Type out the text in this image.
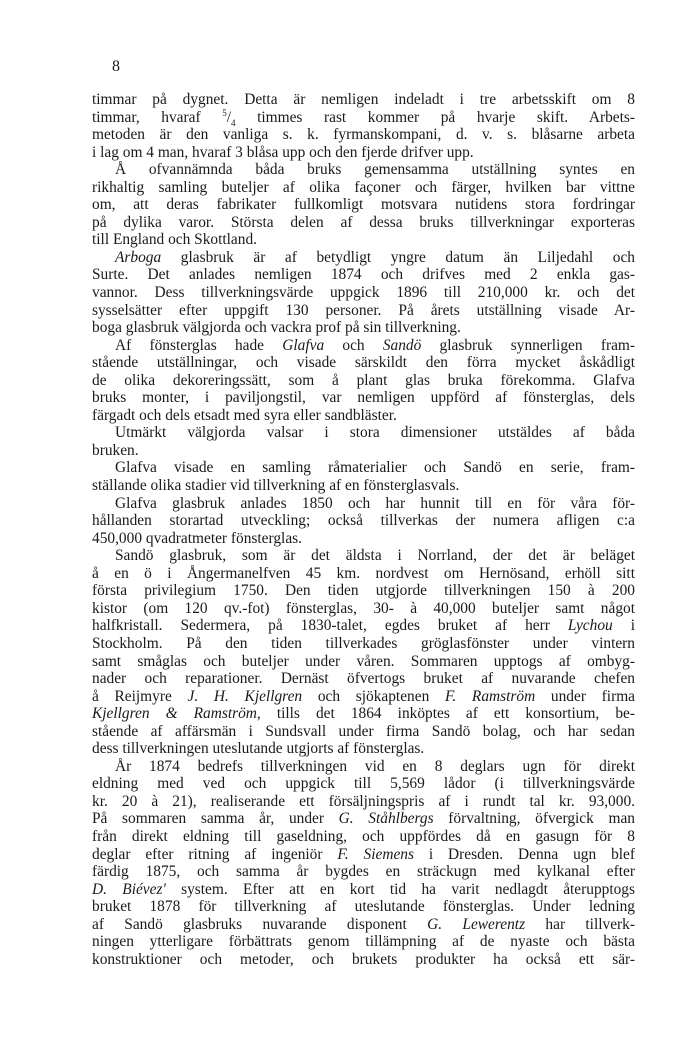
8
timmar på dygnet. Detta är nemligen indeladt i tre arbetsskift om 8
timmar, hvaraf $^5/_4$ timmes rast kommer på hvarje skift. Arbets-
metoden är den vanliga s. k. fyrmanskompani, d. v. s. blåsarne arbeta
i lag om 4 man, hvaraf 3 blåsa upp och den fjerde drifver upp.
Å ofvannämnda båda bruks gemensamma utställning syntes en
rikhaltig samling buteljer af olika façoner och färger, hvilken bar vittne
om, att deras fabrikater fullkomligt motsvara nutidens stora fordringar
på dylika varor. Största delen af dessa bruks tillverkningar exporteras
till England och Skottland.
Arboga glasbruk är af betydligt yngre datum än Liljedahl och
Surte. Det anlades nemligen 1874 och drifves med 2 enkla gas-
vannor. Dess tillverkningsvärde uppgick 1896 till 210,000 kr. och det
sysselsätter efter uppgift 130 personer. På årets utställning visade Ar-
boga glasbruk välgjorda och vackra prof på sin tillverkning.
Af fönsterglas hade Glafva och Sandö glasbruk synnerligen fram-
stående utställningar, och visade särskildt den förra mycket åskådligt
de olika dekoreringssätt, som å plant glas bruka förekomma. Glafva
bruks monter, i paviljongstil, var nemligen uppförd af fönsterglas, dels
färgadt och dels etsadt med syra eller sandbläster.
Utmärkt välgjorda valsar i stora dimensioner utstäldes af båda
bruken.
Glafva visade en samling råmaterialier och Sandö en serie, fram-
ställande olika stadier vid tillverkning af en fönsterglasvals.
Glafva glasbruk anlades 1850 och har hunnit till en för våra för-
hållanden storartad utveckling; också tillverkas der numera afligen c:a
450,000 qvadratmeter fönsterglas.
Sandö glasbruk, som är det äldsta i Norrland, der det är beläget
å en ö i Ångermanelfven 45 km. nordvest om Hernösand, erhöll sitt
första privilegium 1750. Den tiden utgjorde tillverkningen 150 à 200
kistor (om 120 qv.-fot) fönsterglas, 30- à 40,000 buteljer samt något
halfkristall. Sedermera, på 1830-talet, egdes bruket af herr Lychou i
Stockholm. På den tiden tillverkades gröglasfönster under vintern
samt småglas och buteljer under våren. Sommaren upptogs af ombyg-
nader och reparationer. Dernäst öfvertogs bruket af nuvarande chefen
å Reijmyre J. H. Kjellgren och sjökaptenen F. Ramström under firma
Kjellgren & Ramström, tills det 1864 inköptes af ett konsortium, be-
stående af affärsmän i Sundsvall under firma Sandö bolag, och har sedan
dess tillverkningen uteslutande utgjorts af fönsterglas.
År 1874 bedrefs tillverkningen vid en 8 deglars ugn för direkt
eldning med ved och uppgick till 5,569 lådor (i tillverkningsvärde
kr. 20 à 21), realiserande ett försäljningspris af i rundt tal kr. 93,000.
På sommaren samma år, under G. Ståhlbergs förvaltning, öfvergick man
från direkt eldning till gaseldning, och uppfördes då en gasugn för 8
deglar efter ritning af ingeniör F. Siemens i Dresden. Denna ugn blef
färdig 1875, och samma år bygdes en sträckugn med kylkanal efter
D. Biévez' system. Efter att en kort tid ha varit nedlagdt återupptogs
bruket 1878 för tillverkning af uteslutande fönsterglas. Under ledning
af Sandö glasbruks nuvarande disponent G. Lewerentz har tillverk-
ningen ytterligare förbättrats genom tillämpning af de nyaste och bästa
konstruktioner och metoder, och brukets produkter ha också ett sär-
